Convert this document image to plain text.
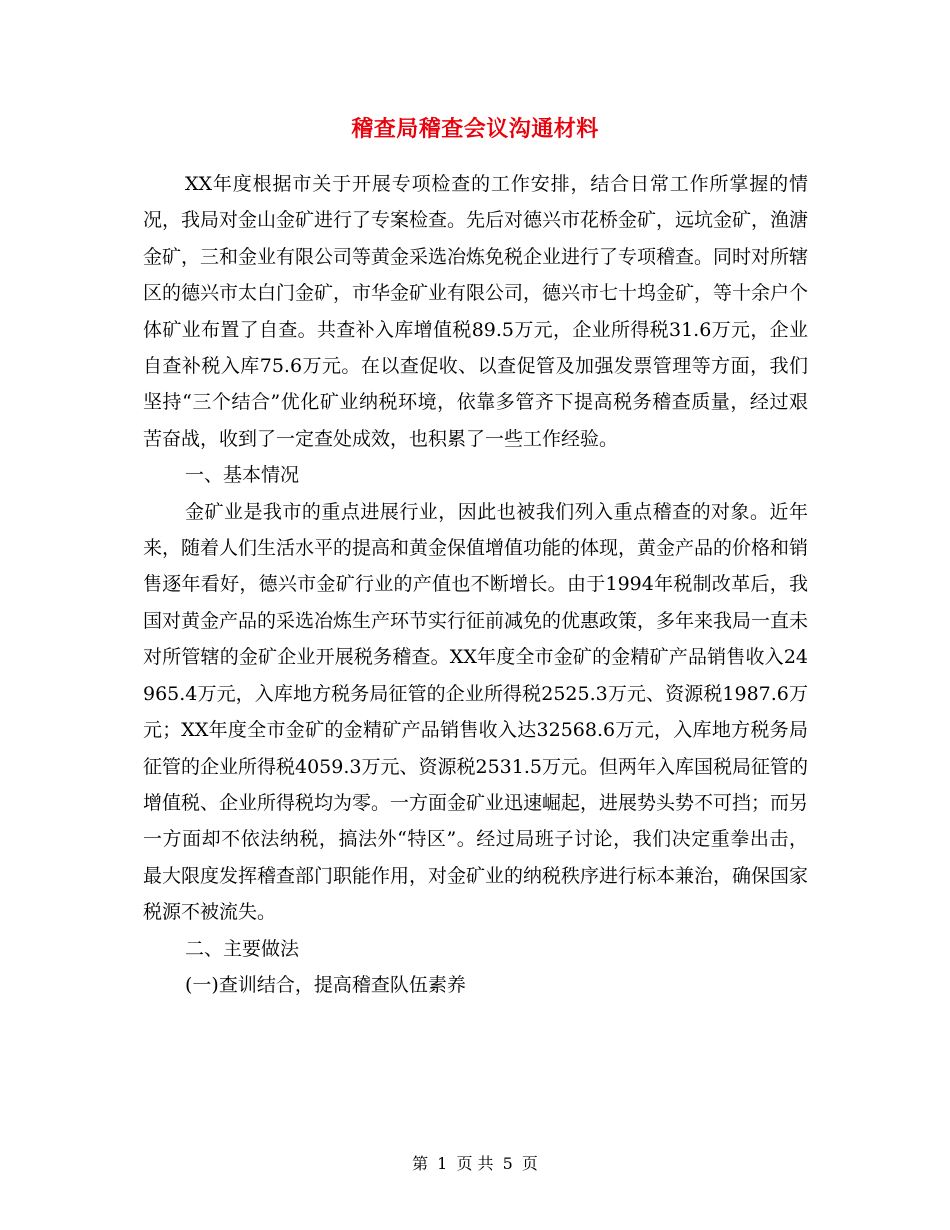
稽查局稽查会议沟通材料

XX年度根据市关于开展专项检查的工作安排，结合日常工作所掌握的情况，我局对金山金矿进行了专案检查。先后对德兴市花桥金矿，远坑金矿，渔溏金矿，三和金业有限公司等黄金采选冶炼免税企业进行了专项稽查。同时对所辖区的德兴市太白门金矿，市华金矿业有限公司，德兴市七十坞金矿，等十余户个体矿业布置了自查。共查补入库增值税89.5万元，企业所得税31.6万元，企业自查补税入库75.6万元。在以查促收、以查促管及加强发票管理等方面，我们坚持“三个结合”优化矿业纳税环境，依靠多管齐下提高税务稽查质量，经过艰苦奋战，收到了一定查处成效，也积累了一些工作经验。

一、基本情况

金矿业是我市的重点进展行业，因此也被我们列入重点稽查的对象。近年来，随着人们生活水平的提高和黄金保值增值功能的体现，黄金产品的价格和销售逐年看好，德兴市金矿行业的产值也不断增长。由于1994年税制改革后，我国对黄金产品的采选冶炼生产环节实行征前减免的优惠政策，多年来我局一直未对所管辖的金矿企业开展税务稽查。XX年度全市金矿的金精矿产品销售收入24965.4万元，入库地方税务局征管的企业所得税2525.3万元、资源税1987.6万元；XX年度全市金矿的金精矿产品销售收入达32568.6万元，入库地方税务局征管的企业所得税4059.3万元、资源税2531.5万元。但两年入库国税局征管的增值税、企业所得税均为零。一方面金矿业迅速崛起，进展势头势不可挡；而另一方面却不依法纳税，搞法外“特区”。经过局班子讨论，我们决定重拳出击，最大限度发挥稽查部门职能作用，对金矿业的纳税秩序进行标本兼治，确保国家税源不被流失。

二、主要做法

(一)查训结合，提高稽查队伍素养

第 1 页 共 5 页
